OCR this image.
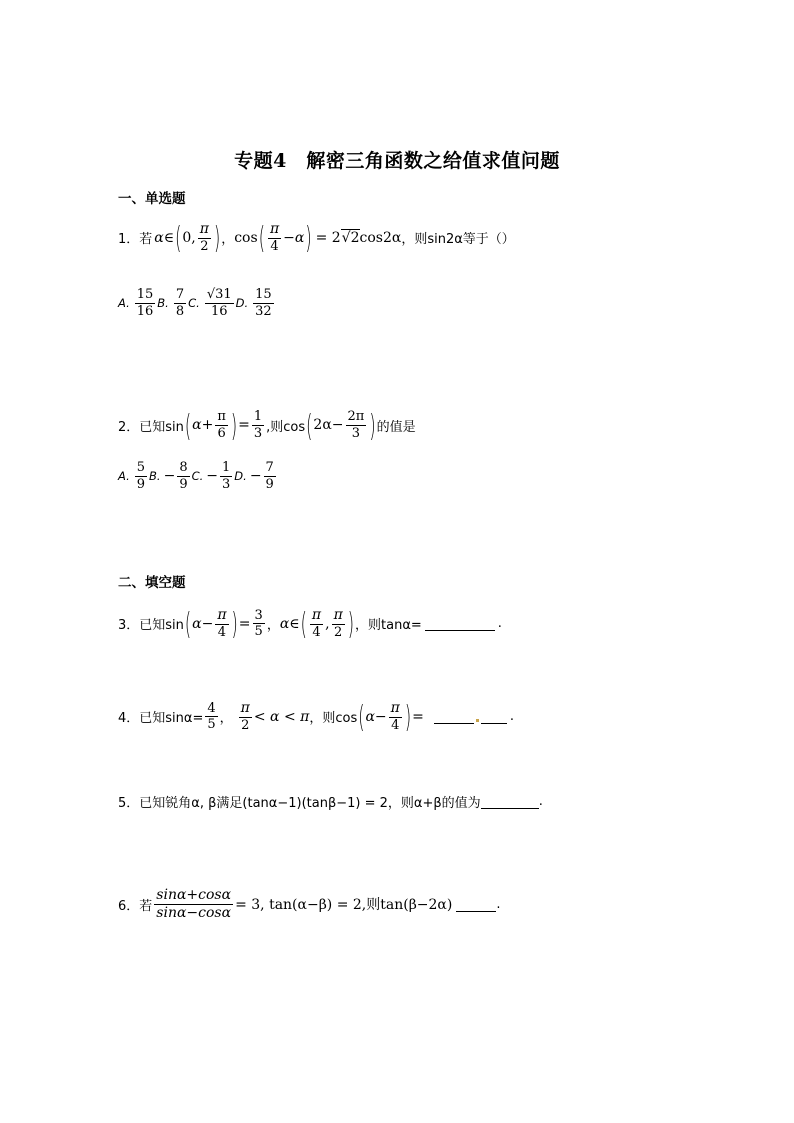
专题4　解密三角函数之给值求值问题
一、单选题
1． 若 α ∈ ( 0, $\frac{\pi}{2}$ ) ， cos ( $\frac{\pi}{4} -\alpha$ ) = 2 √2 cos2α ，则sin2α等于（）
A. $\frac{15}{16} B$. $\frac{7}{8} C$. $\frac{√31}{16} D$. $\frac{15}{32}$
2． 已知sin ( $\alpha+ \frac{\pi}{6}$ ) = $\frac{1}{3}$ ,则cos ( $2\alpha- \frac{2\pi}{3}$ ) 的值是
A. $\frac{5}{9} B$. − $\frac{8}{9} C$. − $\frac{1}{3} D$. − $\frac{7}{9}$
二、填空题
3． 已知sin ( $\alpha- \frac{\pi}{4}$ ) = $\frac{3}{5}$ ， α∈ ( $\frac{\pi}{4}$ , $\frac{\pi}{2}$ ) ，则tanα=	.
4． 已知$\sin\alpha= \frac{4}{5}$ ， $\frac{\pi}{2} < \alpha < \pi$ ，则cos ( $\alpha- \frac{\pi}{4}$ ) =	.
5． 已知锐角α, β满足(tanα−1)(tanβ−1) = 2，则α+β的值为	.
6． 若 $\frac{\sin\alpha+\cos\alpha}{\sin\alpha-\cos\alpha} = 3$, tan(α−β) = 2,则tan(β−2α)	.
